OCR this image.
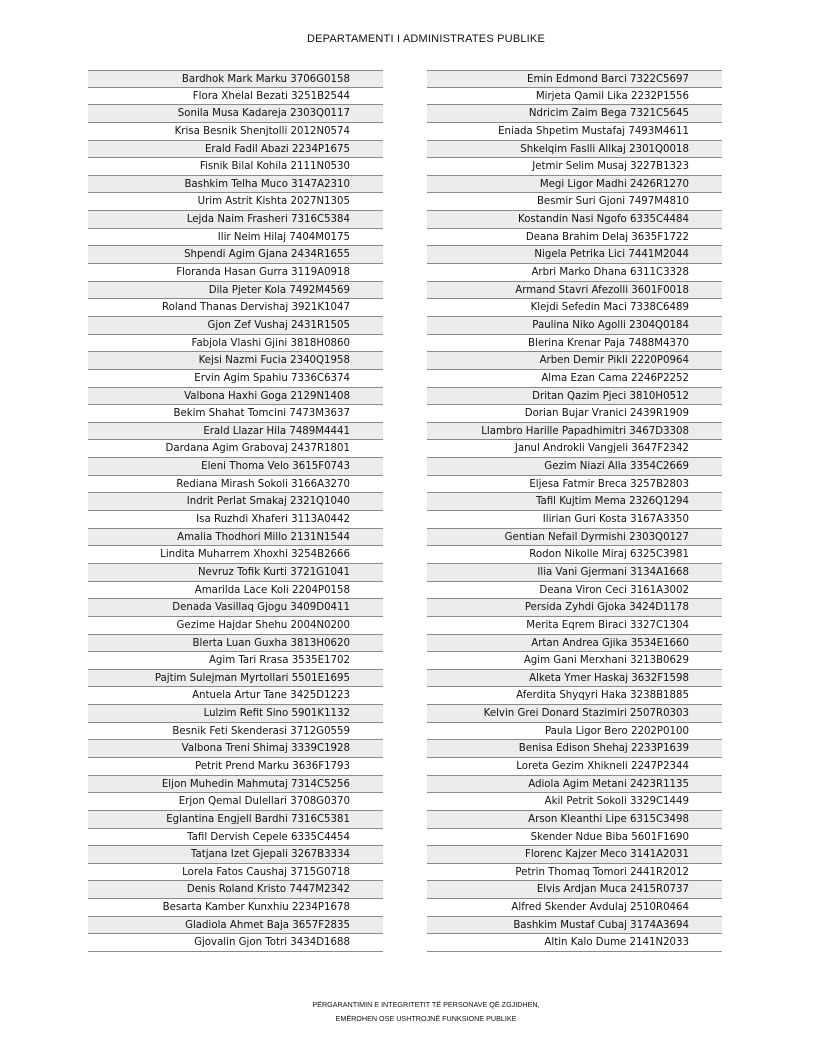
DEPARTAMENTI I ADMINISTRATES PUBLIKE
Bardhok Mark Marku 3706G0158
Flora Xhelal Bezati 3251B2544
Sonila Musa Kadareja 2303Q0117
Krisa Besnik Shenjtolli 2012N0574
Erald Fadil Abazi 2234P1675
Fisnik Bilal Kohila 2111N0530
Bashkim Telha Muco 3147A2310
Urim Astrit Kishta 2027N1305
Lejda Naim Frasheri 7316C5384
Ilir Neim Hilaj 7404M0175
Shpendi Agim Gjana 2434R1655
Floranda Hasan Gurra 3119A0918
Dila Pjeter Kola 7492M4569
Roland Thanas Dervishaj 3921K1047
Gjon Zef Vushaj 2431R1505
Fabjola Vlashi Gjini 3818H0860
Kejsi Nazmi Fucia 2340Q1958
Ervin Agim Spahiu 7336C6374
Valbona Haxhi Goga 2129N1408
Bekim Shahat Tomcini 7473M3637
Erald Llazar Hila 7489M4441
Dardana Agim Grabovaj 2437R1801
Eleni Thoma Velo 3615F0743
Rediana Mirash Sokoli 3166A3270
Indrit Perlat Smakaj 2321Q1040
Isa Ruzhdi Xhaferi 3113A0442
Amalia Thodhori Millo 2131N1544
Lindita Muharrem Xhoxhi 3254B2666
Nevruz Tofik Kurti 3721G1041
Amarilda Lace Koli 2204P0158
Denada Vasillaq Gjogu 3409D0411
Gezime Hajdar Shehu 2004N0200
Blerta Luan Guxha 3813H0620
Agim Tari Rrasa 3535E1702
Pajtim Sulejman Myrtollari 5501E1695
Antuela Artur Tane 3425D1223
Lulzim Refit Sino 5901K1132
Besnik Feti Skenderasi 3712G0559
Valbona Treni Shimaj 3339C1928
Petrit Prend Marku 3636F1793
Eljon Muhedin Mahmutaj 7314C5256
Erjon Qemal Dulellari 3708G0370
Eglantina Engjell Bardhi 7316C5381
Tafil Dervish Cepele 6335C4454
Tatjana Izet Gjepali 3267B3334
Lorela Fatos Caushaj 3715G0718
Denis Roland Kristo 7447M2342
Besarta Kamber Kunxhiu 2234P1678
Gladiola Ahmet Baja 3657F2835
Gjovalin Gjon Totri 3434D1688
Emin Edmond Barci 7322C5697
Mirjeta Qamil Lika 2232P1556
Ndricim Zaim Bega 7321C5645
Eniada Shpetim Mustafaj 7493M4611
Shkelqim Faslli Allkaj 2301Q0018
Jetmir Selim Musaj 3227B1323
Megi Ligor Madhi 2426R1270
Besmir Suri Gjoni 7497M4810
Kostandin Nasi Ngofo 6335C4484
Deana Brahim Delaj 3635F1722
Nigela Petrika Lici 7441M2044
Arbri Marko Dhana 6311C3328
Armand Stavri Afezolli 3601F0018
Klejdi Sefedin Maci 7338C6489
Paulina Niko Agolli 2304Q0184
Blerina Krenar Paja 7488M4370
Arben Demir Pikli 2220P0964
Alma Ezan Cama 2246P2252
Dritan Qazim Pjeci 3810H0512
Dorian Bujar Vranici 2439R1909
Llambro Harille Papadhimitri 3467D3308
Janul Androkli Vangjeli 3647F2342
Gezim Niazi Alla 3354C2669
Eljesa Fatmir Breca 3257B2803
Tafil Kujtim Mema 2326Q1294
Ilirian Guri Kosta 3167A3350
Gentian Nefail Dyrmishi 2303Q0127
Rodon Nikolle Miraj 6325C3981
Ilia Vani Gjermani 3134A1668
Deana Viron Ceci 3161A3002
Persida Zyhdi Gjoka 3424D1178
Merita Eqrem Biraci 3327C1304
Artan Andrea Gjika 3534E1660
Agim Gani Merxhani 3213B0629
Alketa Ymer Haskaj 3632F1598
Aferdita Shyqyri Haka 3238B1885
Kelvin Grei Donard Stazimiri 2507R0303
Paula Ligor Bero 2202P0100
Benisa Edison Shehaj 2233P1639
Loreta Gezim Xhikneli 2247P2344
Adiola Agim Metani 2423R1135
Akil Petrit Sokoli 3329C1449
Arson Kleanthi Lipe 6315C3498
Skender Ndue Biba 5601F1690
Florenc Kajzer Meco 3141A2031
Petrin Thomaq Tomori 2441R2012
Elvis Ardjan Muca 2415R0737
Alfred Skender Avdulaj 2510R0464
Bashkim Mustaf Cubaj 3174A3694
Altin Kalo Dume 2141N2033
PËRGARANTIMIN E INTEGRITETIT TË PERSONAVE QË ZGJIDHEN,
EMËROHEN OSE USHTROJNË FUNKSIONE PUBLIKE
